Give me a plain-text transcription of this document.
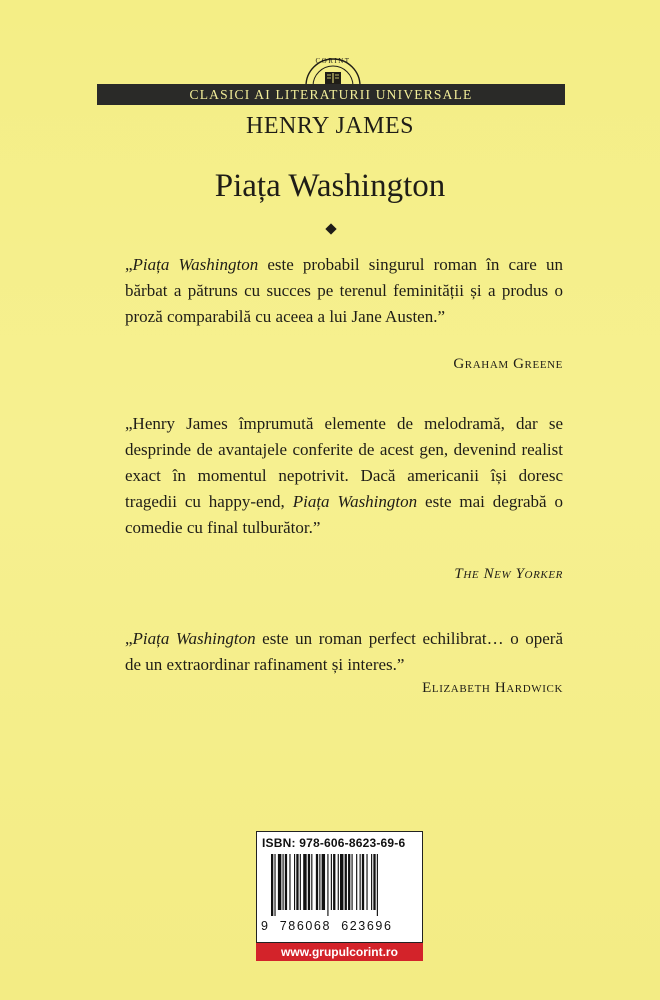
CORINT
CLASICI AI LITERATURII UNIVERSALE
HENRY JAMES
Piața Washington
„Piața Washington este probabil singurul roman în care un bărbat a pătruns cu succes pe terenul feminității și a produs o proză comparabilă cu aceea a lui Jane Austen.”
Graham Greene
„Henry James împrumută elemente de melodramă, dar se desprinde de avantajele conferite de acest gen, devenind realist exact în momentul nepotrivit. Dacă americanii își doresc tragedii cu happy-end, Piața Washington este mai degrabă o comedie cu final tulburător.”
The New Yorker
„Piața Washington este un roman perfect echilibrat… o operă de un extraordinar rafinament și interes.”
Elizabeth Hardwick
ISBN: 978-606-8623-69-6
9 786068 623696
www.grupulcorint.ro
